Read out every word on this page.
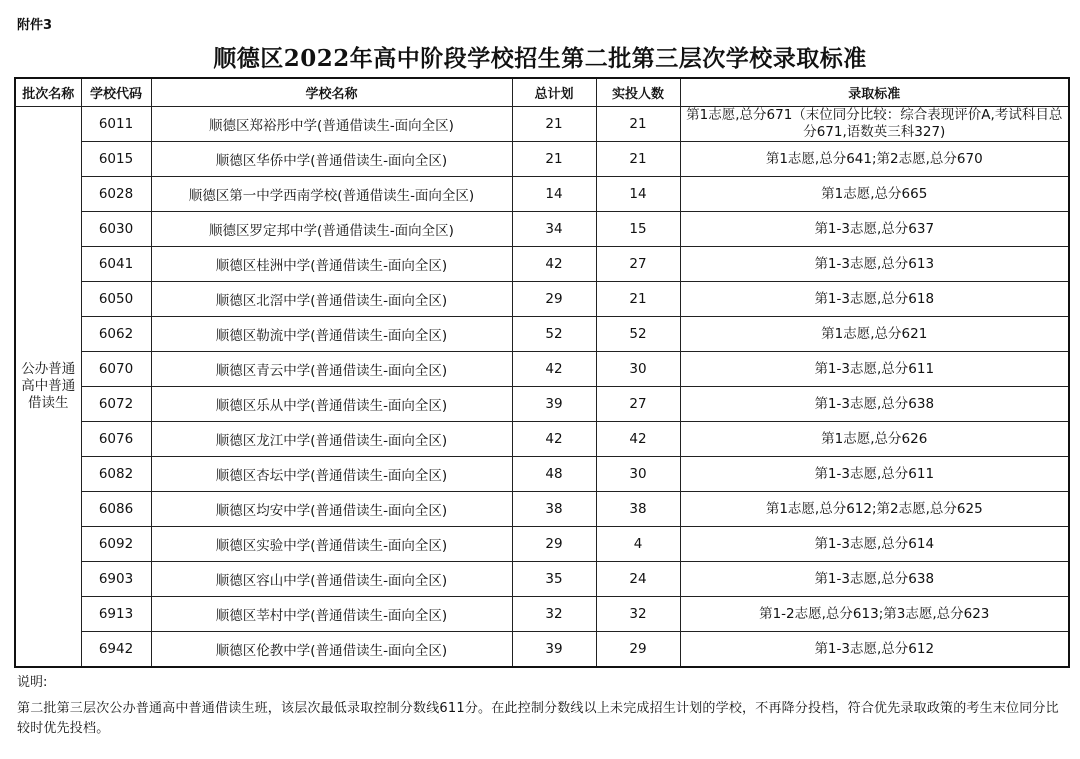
附件3
顺德区2022年高中阶段学校招生第二批第三层次学校录取标准
批次名称	学校代码	学校名称	总计划	实投人数	录取标准
公办普通高中普通借读生	6011	顺德区郑裕彤中学(普通借读生-面向全区)	21	21	第1志愿,总分671（末位同分比较：综合表现评价A,考试科目总分671,语数英三科327)
	6015	顺德区华侨中学(普通借读生-面向全区)	21	21	第1志愿,总分641;第2志愿,总分670
	6028	顺德区第一中学西南学校(普通借读生-面向全区)	14	14	第1志愿,总分665
	6030	顺德区罗定邦中学(普通借读生-面向全区)	34	15	第1-3志愿,总分637
	6041	顺德区桂洲中学(普通借读生-面向全区)	42	27	第1-3志愿,总分613
	6050	顺德区北滘中学(普通借读生-面向全区)	29	21	第1-3志愿,总分618
	6062	顺德区勒流中学(普通借读生-面向全区)	52	52	第1志愿,总分621
	6070	顺德区青云中学(普通借读生-面向全区)	42	30	第1-3志愿,总分611
	6072	顺德区乐从中学(普通借读生-面向全区)	39	27	第1-3志愿,总分638
	6076	顺德区龙江中学(普通借读生-面向全区)	42	42	第1志愿,总分626
	6082	顺德区杏坛中学(普通借读生-面向全区)	48	30	第1-3志愿,总分611
	6086	顺德区均安中学(普通借读生-面向全区)	38	38	第1志愿,总分612;第2志愿,总分625
	6092	顺德区实验中学(普通借读生-面向全区)	29	4	第1-3志愿,总分614
	6903	顺德区容山中学(普通借读生-面向全区)	35	24	第1-3志愿,总分638
	6913	顺德区莘村中学(普通借读生-面向全区)	32	32	第1-2志愿,总分613;第3志愿,总分623
	6942	顺德区伦教中学(普通借读生-面向全区)	39	29	第1-3志愿,总分612
说明:
第二批第三层次公办普通高中普通借读生班，该层次最低录取控制分数线611分。在此控制分数线以上未完成招生计划的学校，不再降分投档，符合优先录取政策的考生末位同分比较时优先投档。
